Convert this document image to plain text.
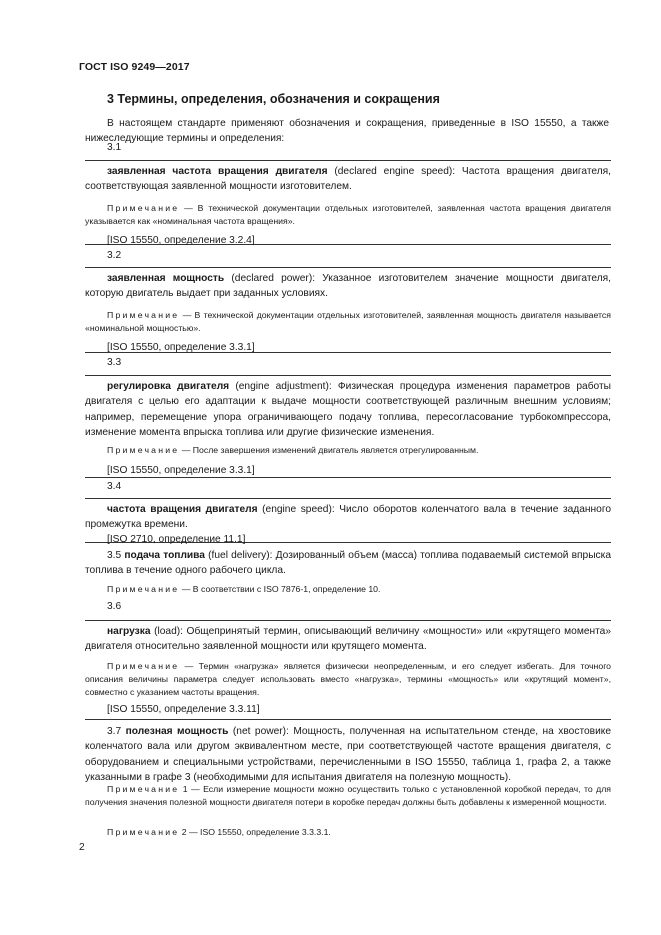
ГОСТ ISO 9249—2017
3 Термины, определения, обозначения и сокращения
В настоящем стандарте применяют обозначения и сокращения, приведенные в ISO 15550, а также нижеследующие термины и определения:
3.1

заявленная частота вращения двигателя (declared engine speed): Частота вращения двигателя, соответствующая заявленной мощности изготовителем.

Примечание — В технической документации отдельных изготовителей, заявленная частота вращения двигателя указывается как «номинальная частота вращения».

[ISO 15550, определение 3.2.4]

3.2

заявленная мощность (declared power): Указанное изготовителем значение мощности двигателя, которую двигатель выдает при заданных условиях.

Примечание — В технической документации отдельных изготовителей, заявленная мощность двигателя называется «номинальной мощностью».

[ISO 15550, определение 3.3.1]

3.3

регулировка двигателя (engine adjustment): Физическая процедура изменения параметров работы двигателя с целью его адаптации к выдаче мощности соответствующей различным внешним условиям; например, перемещение упора ограничивающего подачу топлива, пересогласование турбокомпрессора, изменение момента впрыска топлива или другие физические изменения.

Примечание — После завершения изменений двигатель является отрегулированным.

[ISO 15550, определение 3.3.1]

3.4

частота вращения двигателя (engine speed): Число оборотов коленчатого вала в течение заданного промежутка времени.

[ISO 2710, определение 11.1]

3.5 подача топлива (fuel delivery): Дозированный объем (масса) топлива подаваемый системой впрыска топлива в течение одного рабочего цикла.

Примечание — В соответствии с ISO 7876-1, определение 10.

3.6

нагрузка (load): Общепринятый термин, описывающий величину «мощности» или «крутящего момента» двигателя относительно заявленной мощности или крутящего момента.

Примечание — Термин «нагрузка» является физически неопределенным, и его следует избегать. Для точного описания величины параметра следует использовать вместо «нагрузка», термины «мощность» или «крутящий момент», совместно с указанием частоты вращения.

[ISO 15550, определение 3.3.11]

3.7 полезная мощность (net power): Мощность, полученная на испытательном стенде, на хвостовике коленчатого вала или другом эквивалентном месте, при соответствующей частоте вращения двигателя, с оборудованием и специальными устройствами, перечисленными в ISO 15550, таблица 1, графа 2, а также указанными в графе 3 (необходимыми для испытания двигателя на полезную мощность).

Примечание 1 — Если измерение мощности можно осуществить только с установленной коробкой передач, то для получения значения полезной мощности двигателя потери в коробке передач должны быть добавлены к измеренной мощности.

Примечание 2 — ISO 15550, определение 3.3.3.1.

2
